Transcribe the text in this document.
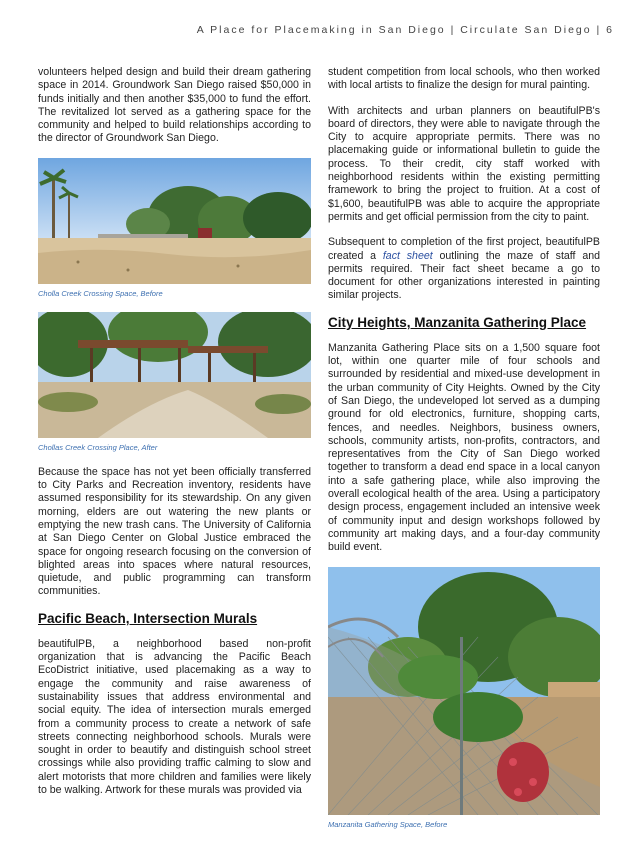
A Place for Placemaking in San Diego | Circulate San Diego | 6

volunteers helped design and build their dream gathering space in 2014. Groundwork San Diego raised $50,000 in funds initially and then another $35,000 to fund the effort. The revitalized lot served as a gathering space for the community and helped to build relationships according to the director of Groundwork San Diego.

Cholla Creek Crossing Space, Before
Chollas Creek Crossing Place, After

Because the space has not yet been officially transferred to City Parks and Recreation inventory, residents have assumed responsibility for its stewardship. On any given morning, elders are out watering the new plants or emptying the new trash cans. The University of California at San Diego Center on Global Justice embraced the space for ongoing research focusing on the conversion of blighted areas into spaces where natural resources, quietude, and public programming can transform communities.

Pacific Beach, Intersection Murals

beautifulPB, a neighborhood based non-profit organization that is advancing the Pacific Beach EcoDistrict initiative, used placemaking as a way to engage the community and raise awareness of sustainability issues that address environmental and social equity. The idea of intersection murals emerged from a community process to create a network of safe streets connecting neighborhood schools. Murals were sought in order to beautify and distinguish school street crossings while also providing traffic calming to slow and alert motorists that more children and families were likely to be walking. Artwork for these murals was provided via

student competition from local schools, who then worked with local artists to finalize the design for mural painting.

With architects and urban planners on beautifulPB's board of directors, they were able to navigate through the City to acquire appropriate permits. There was no placemaking guide or informational bulletin to guide the process. To their credit, city staff worked with neighborhood residents within the existing permitting framework to bring the project to fruition. At a cost of $1,600, beautifulPB was able to acquire the appropriate permits and get official permission from the city to paint.

Subsequent to completion of the first project, beautifulPB created a fact sheet outlining the maze of staff and permits required. Their fact sheet became a go to document for other organizations interested in painting similar projects.

City Heights, Manzanita Gathering Place

Manzanita Gathering Place sits on a 1,500 square foot lot, within one quarter mile of four schools and surrounded by residential and mixed-use development in the urban community of City Heights. Owned by the City of San Diego, the undeveloped lot served as a dumping ground for old electronics, furniture, shopping carts, fences, and needles. Neighbors, business owners, schools, community artists, non-profits, contractors, and representatives from the City of San Diego worked together to transform a dead end space in a local canyon into a safe gathering place, while also improving the overall ecological health of the area. Using a participatory design process, engagement included an intensive week of community input and design workshops followed by community art making days, and a four-day community build event.

Manzanita Gathering Space, Before
